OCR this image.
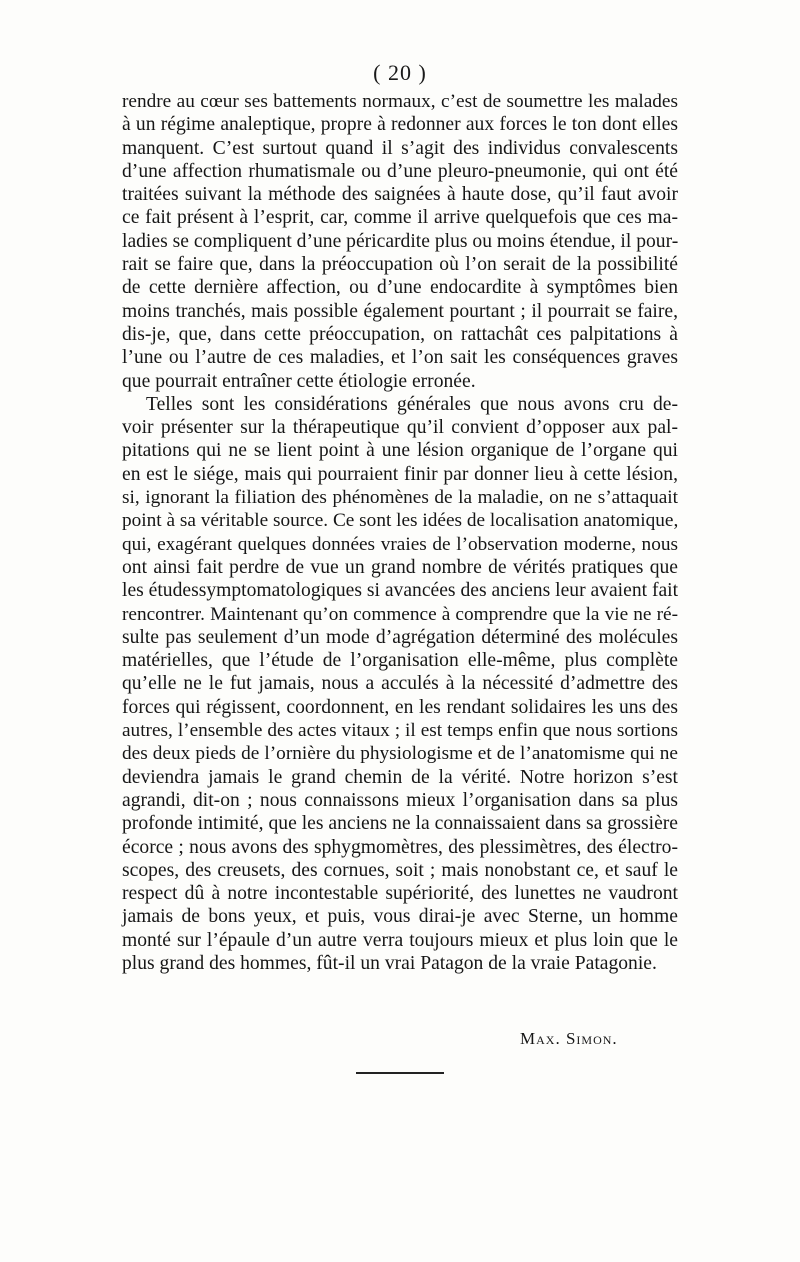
( 20 )
rendre au cœur ses battements normaux, c’est de soumettre les malades
à un régime analeptique, propre à redonner aux forces le ton dont elles
manquent. C’est surtout quand il s’agit des individus convalescents
d’une affection rhumatismale ou d’une pleuro-pneumonie, qui ont été
traitées suivant la méthode des saignées à haute dose, qu’il faut avoir
ce fait présent à l’esprit, car, comme il arrive quelquefois que ces ma-
ladies se compliquent d’une péricardite plus ou moins étendue, il pour-
rait se faire que, dans la préoccupation où l’on serait de la possibilité
de cette dernière affection, ou d’une endocardite à symptômes bien
moins tranchés, mais possible également pourtant ; il pourrait se faire,
dis-je, que, dans cette préoccupation, on rattachât ces palpitations à
l’une ou l’autre de ces maladies, et l’on sait les conséquences graves
que pourrait entraîner cette étiologie erronée.
Telles sont les considérations générales que nous avons cru de-
voir présenter sur la thérapeutique qu’il convient d’opposer aux pal-
pitations qui ne se lient point à une lésion organique de l’organe qui
en est le siége, mais qui pourraient finir par donner lieu à cette lésion,
si, ignorant la filiation des phénomènes de la maladie, on ne s’attaquait
point à sa véritable source. Ce sont les idées de localisation anatomique,
qui, exagérant quelques données vraies de l’observation moderne, nous
ont ainsi fait perdre de vue un grand nombre de vérités pratiques que
les étudessymptomatologiques si avancées des anciens leur avaient fait
rencontrer. Maintenant qu’on commence à comprendre que la vie ne ré-
sulte pas seulement d’un mode d’agrégation déterminé des molécules
matérielles, que l’étude de l’organisation elle-même, plus complète
qu’elle ne le fut jamais, nous a acculés à la nécessité d’admettre des
forces qui régissent, coordonnent, en les rendant solidaires les uns des
autres, l’ensemble des actes vitaux ; il est temps enfin que nous sortions
des deux pieds de l’ornière du physiologisme et de l’anatomisme qui ne
deviendra jamais le grand chemin de la vérité. Notre horizon s’est
agrandi, dit-on ; nous connaissons mieux l’organisation dans sa plus
profonde intimité, que les anciens ne la connaissaient dans sa grossière
écorce ; nous avons des sphygmomètres, des plessimètres, des électro-
scopes, des creusets, des cornues, soit ; mais nonobstant ce, et sauf le
respect dû à notre incontestable supériorité, des lunettes ne vaudront
jamais de bons yeux, et puis, vous dirai-je avec Sterne, un homme
monté sur l’épaule d’un autre verra toujours mieux et plus loin que le
plus grand des hommes, fût-il un vrai Patagon de la vraie Patagonie.
Max. Simon.
